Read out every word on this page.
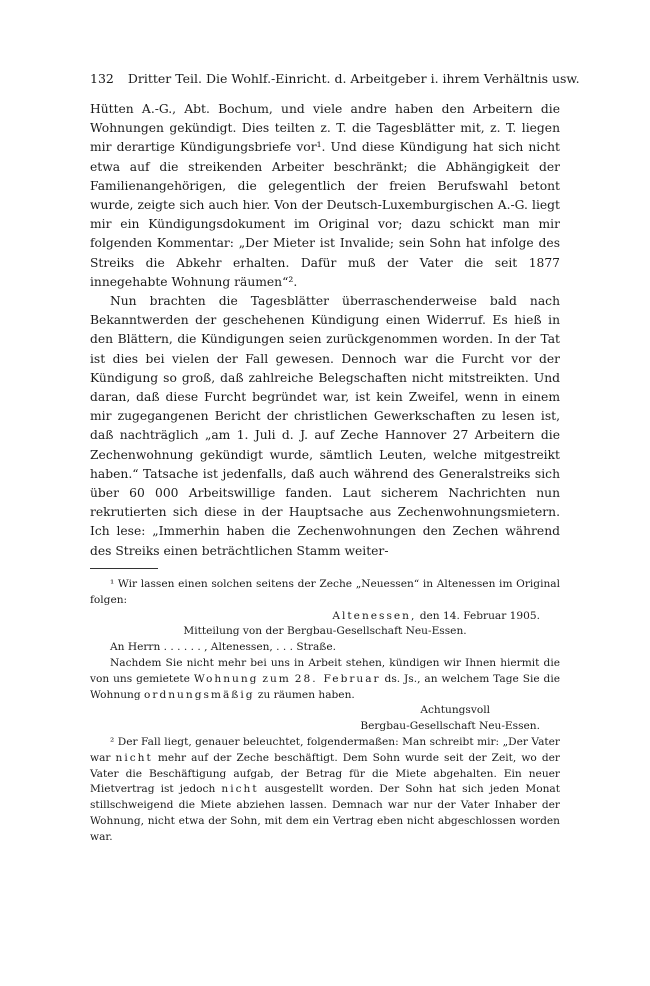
132 Dritter Teil. Die Wohlf.-Einricht. d. Arbeitgeber i. ihrem Verhältnis usw.

Hütten A.-G., Abt. Bochum, und viele andre haben den Arbeitern die Wohnungen gekündigt. Dies teilten z. T. die Tagesblätter mit, z. T. liegen mir derartige Kündigungsbriefe vor¹. Und diese Kündigung hat sich nicht etwa auf die streikenden Arbeiter beschränkt; die Abhängigkeit der Familienangehörigen, die gelegentlich der freien Berufswahl betont wurde, zeigte sich auch hier. Von der Deutsch-Luxemburgischen A.-G. liegt mir ein Kündigungsdokument im Original vor; dazu schickt man mir folgenden Kommentar: „Der Mieter ist Invalide; sein Sohn hat infolge des Streiks die Abkehr erhalten. Dafür muß der Vater die seit 1877 innegehabte Wohnung räumen“².

Nun brachten die Tagesblätter überraschenderweise bald nach Bekanntwerden der geschehenen Kündigung einen Widerruf. Es hieß in den Blättern, die Kündigungen seien zurückgenommen worden. In der Tat ist dies bei vielen der Fall gewesen. Dennoch war die Furcht vor der Kündigung so groß, daß zahlreiche Belegschaften nicht mitstreikten. Und daran, daß diese Furcht begründet war, ist kein Zweifel, wenn in einem mir zugegangenen Bericht der christlichen Gewerkschaften zu lesen ist, daß nachträglich „am 1. Juli d. J. auf Zeche Hannover 27 Arbeitern die Zechenwohnung gekündigt wurde, sämtlich Leuten, welche mitgestreikt haben.“ Tatsache ist jedenfalls, daß auch während des Generalstreiks sich über 60 000 Arbeitswillige fanden. Laut sicherem Nachrichten nun rekrutierten sich diese in der Hauptsache aus Zechenwohnungsmietern. Ich lese: „Immerhin haben die Zechenwohnungen den Zechen während des Streiks einen beträchtlichen Stamm weiter-

¹ Wir lassen einen solchen seitens der Zeche „Neuessen“ in Altenessen im Original folgen:

Altenessen, den 14. Februar 1905.

Mitteilung von der Bergbau-Gesellschaft Neu-Essen.

An Herrn . . . . . . , Altenessen, . . . Straße.

Nachdem Sie nicht mehr bei uns in Arbeit stehen, kündigen wir Ihnen hiermit die von uns gemietete Wohnung zum 28. Februar ds. Js., an welchem Tage Sie die Wohnung ordnungsmäßig zu räumen haben.

Achtungsvoll

Bergbau-Gesellschaft Neu-Essen.

² Der Fall liegt, genauer beleuchtet, folgendermaßen: Man schreibt mir: „Der Vater war nicht mehr auf der Zeche beschäftigt. Dem Sohn wurde seit der Zeit, wo der Vater die Beschäftigung aufgab, der Betrag für die Miete abgehalten. Ein neuer Mietvertrag ist jedoch nicht ausgestellt worden. Der Sohn hat sich jeden Monat stillschweigend die Miete abziehen lassen. Demnach war nur der Vater Inhaber der Wohnung, nicht etwa der Sohn, mit dem ein Vertrag eben nicht abgeschlossen worden war.
